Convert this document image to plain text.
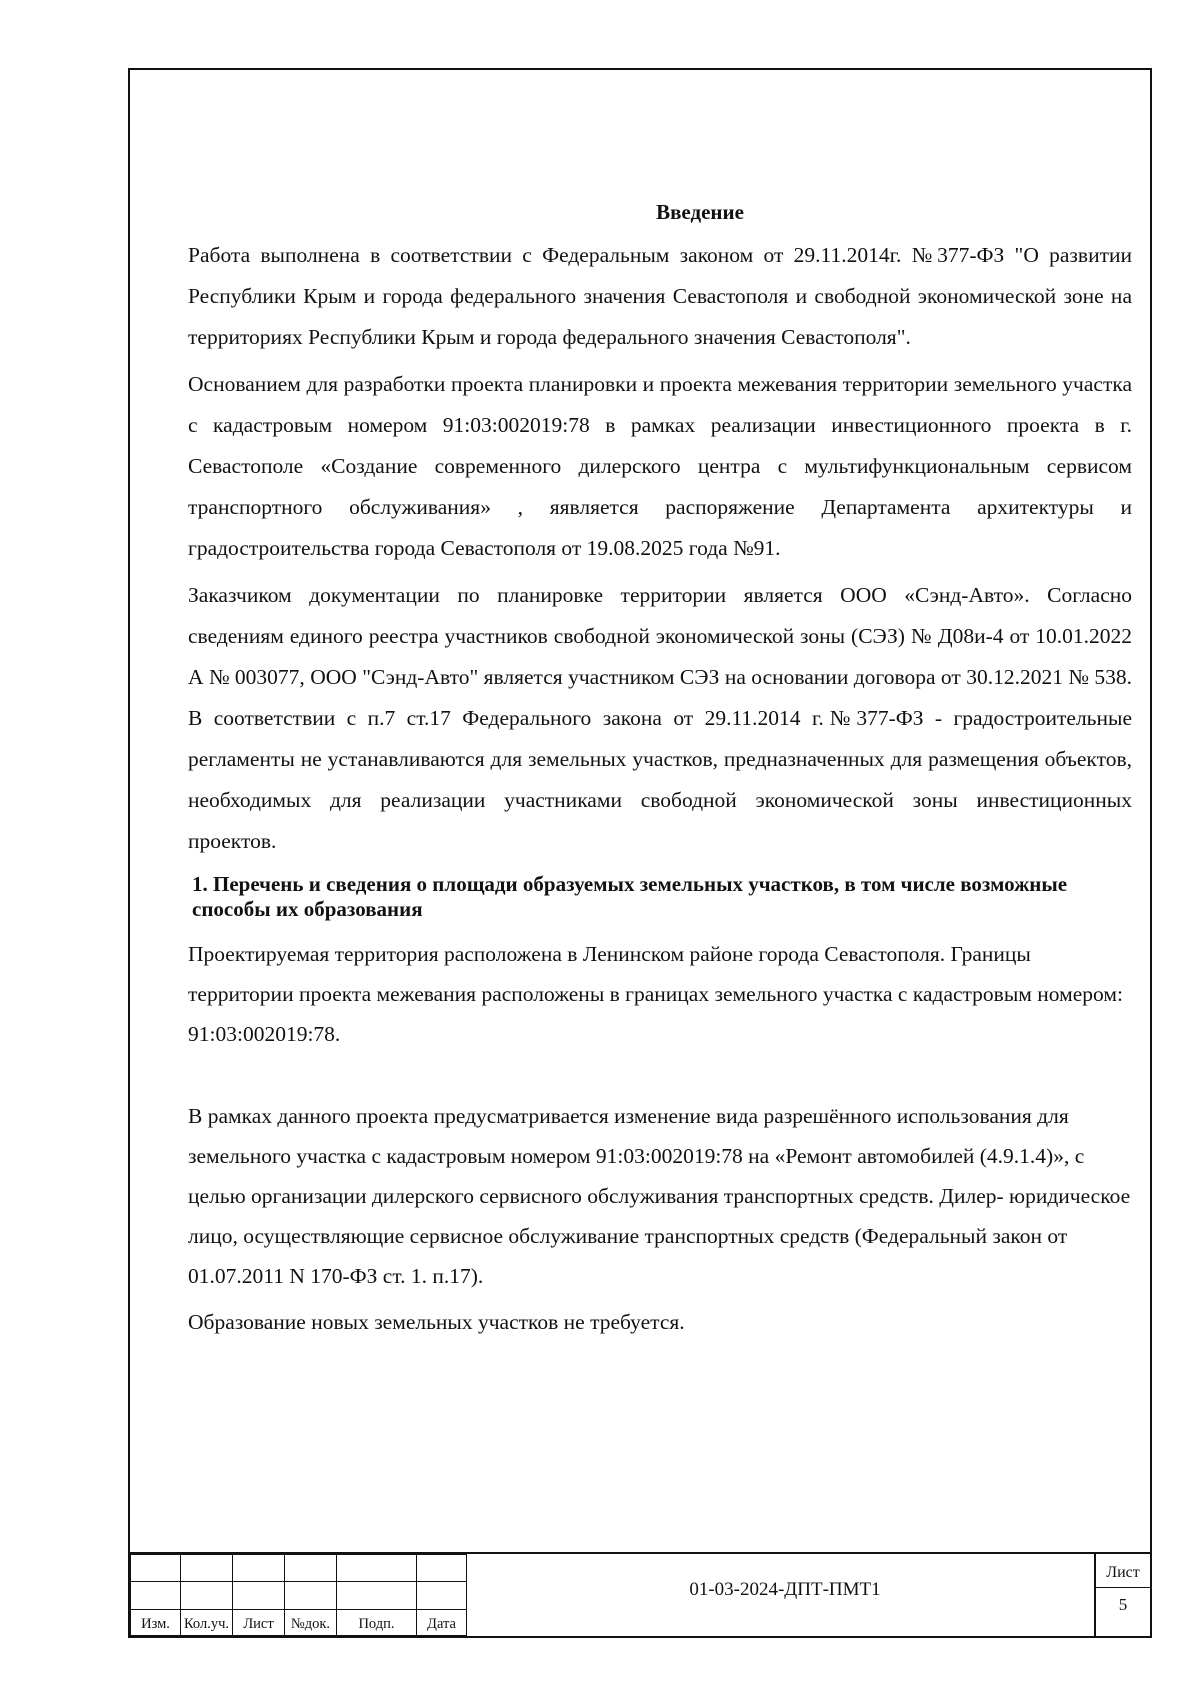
Введение

Работа выполнена в соответствии с Федеральным законом от 29.11.2014г. №377-ФЗ "О развитии Республики Крым и города федерального значения Севастополя и свободной экономической зоне на территориях Республики Крым и города федерального значения Севастополя".

Основанием для разработки проекта планировки и проекта межевания территории земельного участка с кадастровым номером 91:03:002019:78 в рамках реализации инвестиционного проекта в г. Севастополе «Создание современного дилерского центра с мультифункциональным сервисом транспортного обслуживания» , яявляется распоряжение Департамента архитектуры и градостроительства города Севастополя от 19.08.2025 года №91.

Заказчиком документации по планировке территории является ООО «Сэнд-Авто». Согласно сведениям единого реестра участников свободной экономической зоны (СЭЗ) № Д08и-4 от 10.01.2022 А № 003077, ООО "Сэнд-Авто" является участником СЭЗ на основании договора от 30.12.2021 № 538. В соответствии с п.7 ст.17 Федерального закона от 29.11.2014 г.№377-ФЗ - градостроительные регламенты не устанавливаются для земельных участков, предназначенных для размещения объектов, необходимых для реализации участниками свободной экономической зоны инвестиционных проектов.

1. Перечень и сведения о площади образуемых земельных участков, в том числе возможные способы их образования

Проектируемая территория расположена в Ленинском районе города Севастополя. Границы территории проекта межевания расположены в границах земельного участка с кадастровым номером: 91:03:002019:78.

В рамках данного проекта предусматривается изменение вида разрешённого использования для земельного участка с кадастровым номером 91:03:002019:78 на «Ремонт автомобилей (4.9.1.4)», с целью организации дилерского сервисного обслуживания транспортных средств. Дилер- юридическое лицо, осуществляющие сервисное обслуживание транспортных средств (Федеральный закон от 01.07.2011 N 170-ФЗ ст. 1. п.17).

Образование новых земельных участков не требуется.

Изм.	Кол.уч.	Лист	№док.	Подп.	Дата
01-03-2024-ДПТ-ПМТ1
Лист
5
